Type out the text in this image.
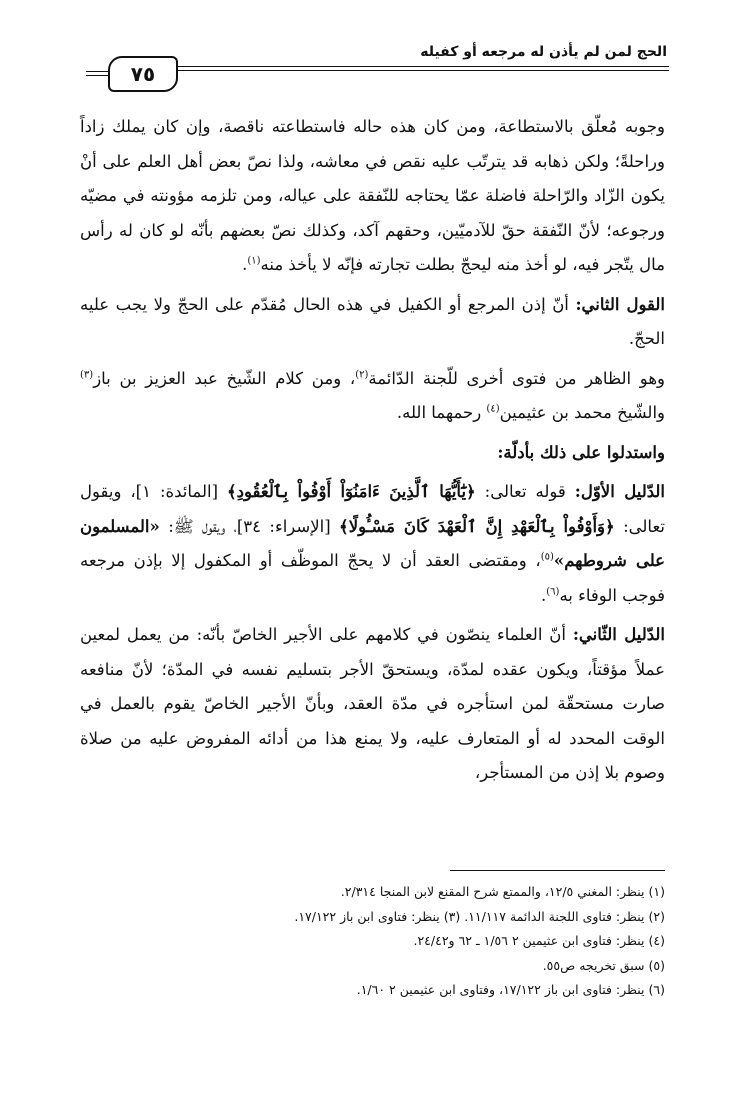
الحج لمن لم يأذن له مرجعه أو كفيله
٧٥

وجوبه مُعلّق بالاستطاعة، ومن كان هذه حاله فاستطاعته ناقصة، وإن كان يملك زاداً وراحلةً؛ ولكن ذهابه قد يترتّب عليه نقص في معاشه، ولذا نصّ بعض أهل العلم على أنْ يكون الزّاد والرّاحلة فاضلة عمّا يحتاجه للنّفقة على عياله، ومن تلزمه مؤونته في مضيّه ورجوعه؛ لأنّ النّفقة حقّ للآدميّين، وحقهم آكد، وكذلك نصّ بعضهم بأنّه لو كان له رأس مال يتّجر فيه، لو أخذ منه ليحجّ بطلت تجارته فإنّه لا يأخذ منه$^{(١)}$.

القول الثاني: أنّ إذن المرجع أو الكفيل في هذه الحال مُقدّم على الحجّ ولا يجب عليه الحجّ.

وهو الظاهر من فتوى أخرى للّجنة الدّائمة$^{(٢)}$، ومن كلام الشّيخ عبد العزيز بن باز$^{(٣)}$ والشّيخ محمد بن عثيمين$^{(٤)}$ رحمهما الله.

واستدلوا على ذلك بأدلّة:

الدّليل الأوّل: قوله تعالى: ﴿يَٰٓأَيُّهَا ٱلَّذِينَ ءَامَنُوٓاْ أَوْفُواْ بِٱلْعُقُودِ﴾ [المائدة: ١]، ويقول تعالى: ﴿وَأَوْفُواْ بِٱلْعَهْدِ إِنَّ ٱلْعَهْدَ كَانَ مَسْـُٔولًا﴾ [الإسراء: ٣٤]، ويقول ﷺ: «المسلمون على شروطهم»$^{(٥)}$، ومقتضى العقد أن لا يحجّ الموظّف أو المكفول إلا بإذن مرجعه فوجب الوفاء به$^{(٦)}$.

الدّليل الثّاني: أنّ العلماء ينصّون في كلامهم على الأجير الخاصّ بأنّه: من يعمل لمعين عملاً مؤقتاً، ويكون عقده لمدّة، ويستحقّ الأجر بتسليم نفسه في المدّة؛ لأنّ منافعه صارت مستحقّة لمن استأجره في مدّة العقد، وبأنّ الأجير الخاصّ يقوم بالعمل في الوقت المحدد له أو المتعارف عليه، ولا يمنع هذا من أدائه المفروض عليه من صلاة وصوم بلا إذن من المستأجر،

(١) ينظر: المغني ١٢/٥، والممتع شرح المقنع لابن المنجا ٢/٣١٤.
(٢) ينظر: فتاوى اللجنة الدائمة ١١/١١٧. (٣) ينظر: فتاوى ابن باز ١٧/١٢٢.
(٤) ينظر: فتاوى ابن عثيمين ٢ ١/٥٦ ـ ٦٢ و٢٤/٤٢.
(٥) سبق تخريجه ص٥٥.
(٦) ينظر: فتاوى ابن باز ١٧/١٢٢، وفتاوى ابن عثيمين ٢ ١/٦٠.
